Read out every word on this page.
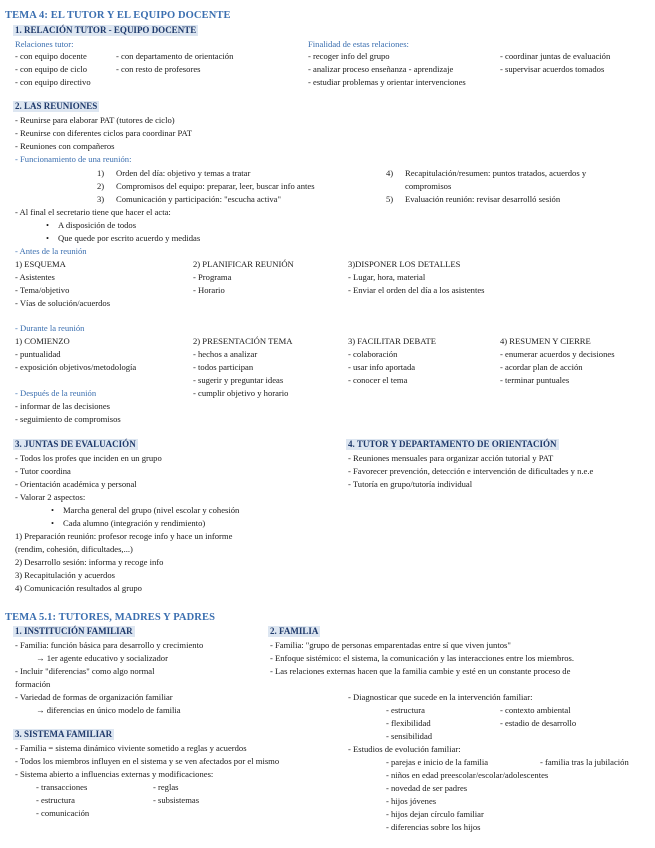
TEMA 4: EL TUTOR Y EL EQUIPO DOCENTE
1. RELACIÓN TUTOR - EQUIPO DOCENTE
Relaciones tutor:
- con equipo docente
- con equipo de ciclo
- con equipo directivo
- con departamento de orientación
- con resto de profesores
Finalidad de estas relaciones:
- recoger info del grupo
- analizar proceso enseñanza - aprendizaje
- estudiar problemas y orientar intervenciones
- coordinar juntas de evaluación
- supervisar acuerdos tomados
2. LAS REUNIONES
- Reunirse para elaborar PAT (tutores de ciclo)
- Reunirse con diferentes ciclos para coordinar PAT
- Reuniones con compañeros
- Funcionamiento de una reunión:
1) Orden del día: objetivo y temas a tratar
2) Compromisos del equipo: preparar, leer, buscar info antes
3) Comunicación y participación: "escucha activa"
4) Recapitulación/resumen: puntos tratados, acuerdos y
compromisos
5) Evaluación reunión: revisar desarrolló sesión
- Al final el secretario tiene que hacer el acta:
• A disposición de todos
• Que quede por escrito acuerdo y medidas
- Antes de la reunión
1) ESQUEMA
- Asistentes
- Tema/objetivo
- Vías de solución/acuerdos
2) PLANIFICAR REUNIÓN
- Programa
- Horario
3)DISPONER LOS DETALLES
- Lugar, hora, material
- Enviar el orden del día a los asistentes
- Durante la reunión
1) COMIENZO
- puntualidad
- exposición objetivos/metodología
2) PRESENTACIÓN TEMA
- hechos a analizar
- todos participan
- sugerir y preguntar ideas
- cumplir objetivo y horario
3) FACILITAR DEBATE
- colaboración
- usar info aportada
- conocer el tema
4) RESUMEN Y CIERRE
- enumerar acuerdos y decisiones
- acordar plan de acción
- terminar puntuales
- Después de la reunión
- informar de las decisiones
- seguimiento de compromisos
3. JUNTAS DE EVALUACIÓN
- Todos los profes que inciden en un grupo
- Tutor coordina
- Orientación académica y personal
- Valorar 2 aspectos:
• Marcha general del grupo (nivel escolar y cohesión
• Cada alumno (integración y rendimiento)
1) Preparación reunión: profesor recoge info y hace un informe
(rendim, cohesión, dificultades,...)
2) Desarrollo sesión: informa y recoge info
3) Recapitulación y acuerdos
4) Comunicación resultados al grupo
4. TUTOR Y DEPARTAMENTO DE ORIENTACIÓN
- Reuniones mensuales para organizar acción tutorial y PAT
- Favorecer prevención, detección e intervención de dificultades y n.e.e
- Tutoría en grupo/tutoría individual
TEMA 5.1: TUTORES, MADRES Y PADRES
1. INSTITUCIÓN FAMILIAR
- Familia: función básica para desarrollo y crecimiento
→ 1er agente educativo y socializador
- Incluir "diferencias" como algo normal
formación
- Variedad de formas de organización familiar
→ diferencias en único modelo de familia
2. FAMILIA
- Familia: "grupo de personas emparentadas entre sí que viven juntos"
- Enfoque sistémico: el sistema, la comunicación y las interacciones entre los miembros.
- Las relaciones externas hacen que la familia cambie y esté en un constante proceso de
- Diagnosticar que sucede en la intervención familiar:
- estructura
- flexibilidad
- sensibilidad
- contexto ambiental
- estadio de desarrollo
- Estudios de evolución familiar:
- parejas e inicio de la familia	- familia tras la jubilación
- niños en edad preescolar/escolar/adolescentes
- novedad de ser padres
- hijos jóvenes
- hijos dejan círculo familiar
- diferencias sobre los hijos
3. SISTEMA FAMILIAR
- Familia = sistema dinámico viviente sometido a reglas y acuerdos
- Todos los miembros influyen en el sistema y se ven afectados por el mismo
- Sistema abierto a influencias externas y modificaciones:
- transacciones
- estructura
- comunicación
- reglas
- subsistemas
